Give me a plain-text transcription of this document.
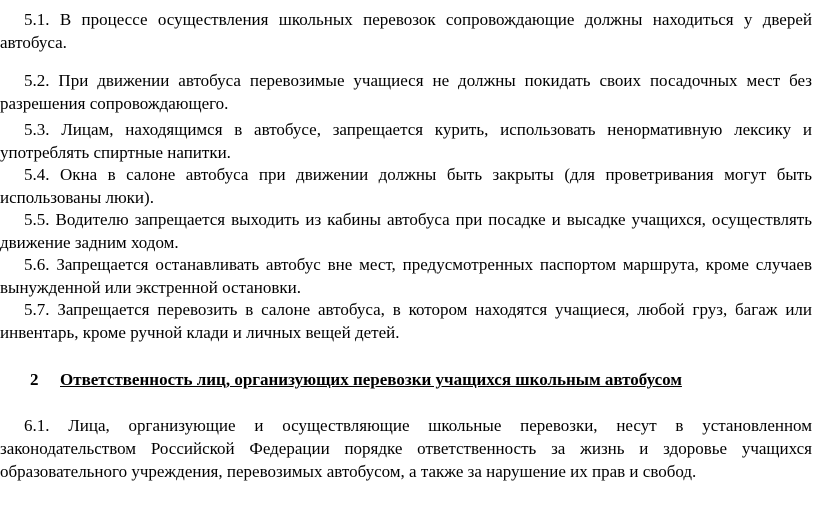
5.1. В процессе осуществления школьных перевозок сопровождающие должны находиться у дверей автобуса.

5.2. При движении автобуса перевозимые учащиеся не должны покидать своих посадочных мест без разрешения сопровождающего.

5.3. Лицам, находящимся в автобусе, запрещается курить, использовать ненормативную лексику и употреблять спиртные напитки.

5.4. Окна в салоне автобуса при движении должны быть закрыты (для проветривания могут быть использованы люки).

5.5. Водителю запрещается выходить из кабины автобуса при посадке и высадке учащихся, осуществлять движение задним ходом.

5.6. Запрещается останавливать автобус вне мест, предусмотренных паспортом маршрута, кроме случаев вынужденной или экстренной остановки.

5.7. Запрещается перевозить в салоне автобуса, в котором находятся учащиеся, любой груз, багаж или инвентарь, кроме ручной клади и личных вещей детей.

2 Ответственность лиц, организующих перевозки учащихся школьным автобусом

6.1. Лица, организующие и осуществляющие школьные перевозки, несут в установленном законодательством Российской Федерации порядке ответственность за жизнь и здоровье учащихся образовательного учреждения, перевозимых автобусом, а также за нарушение их прав и свобод.
